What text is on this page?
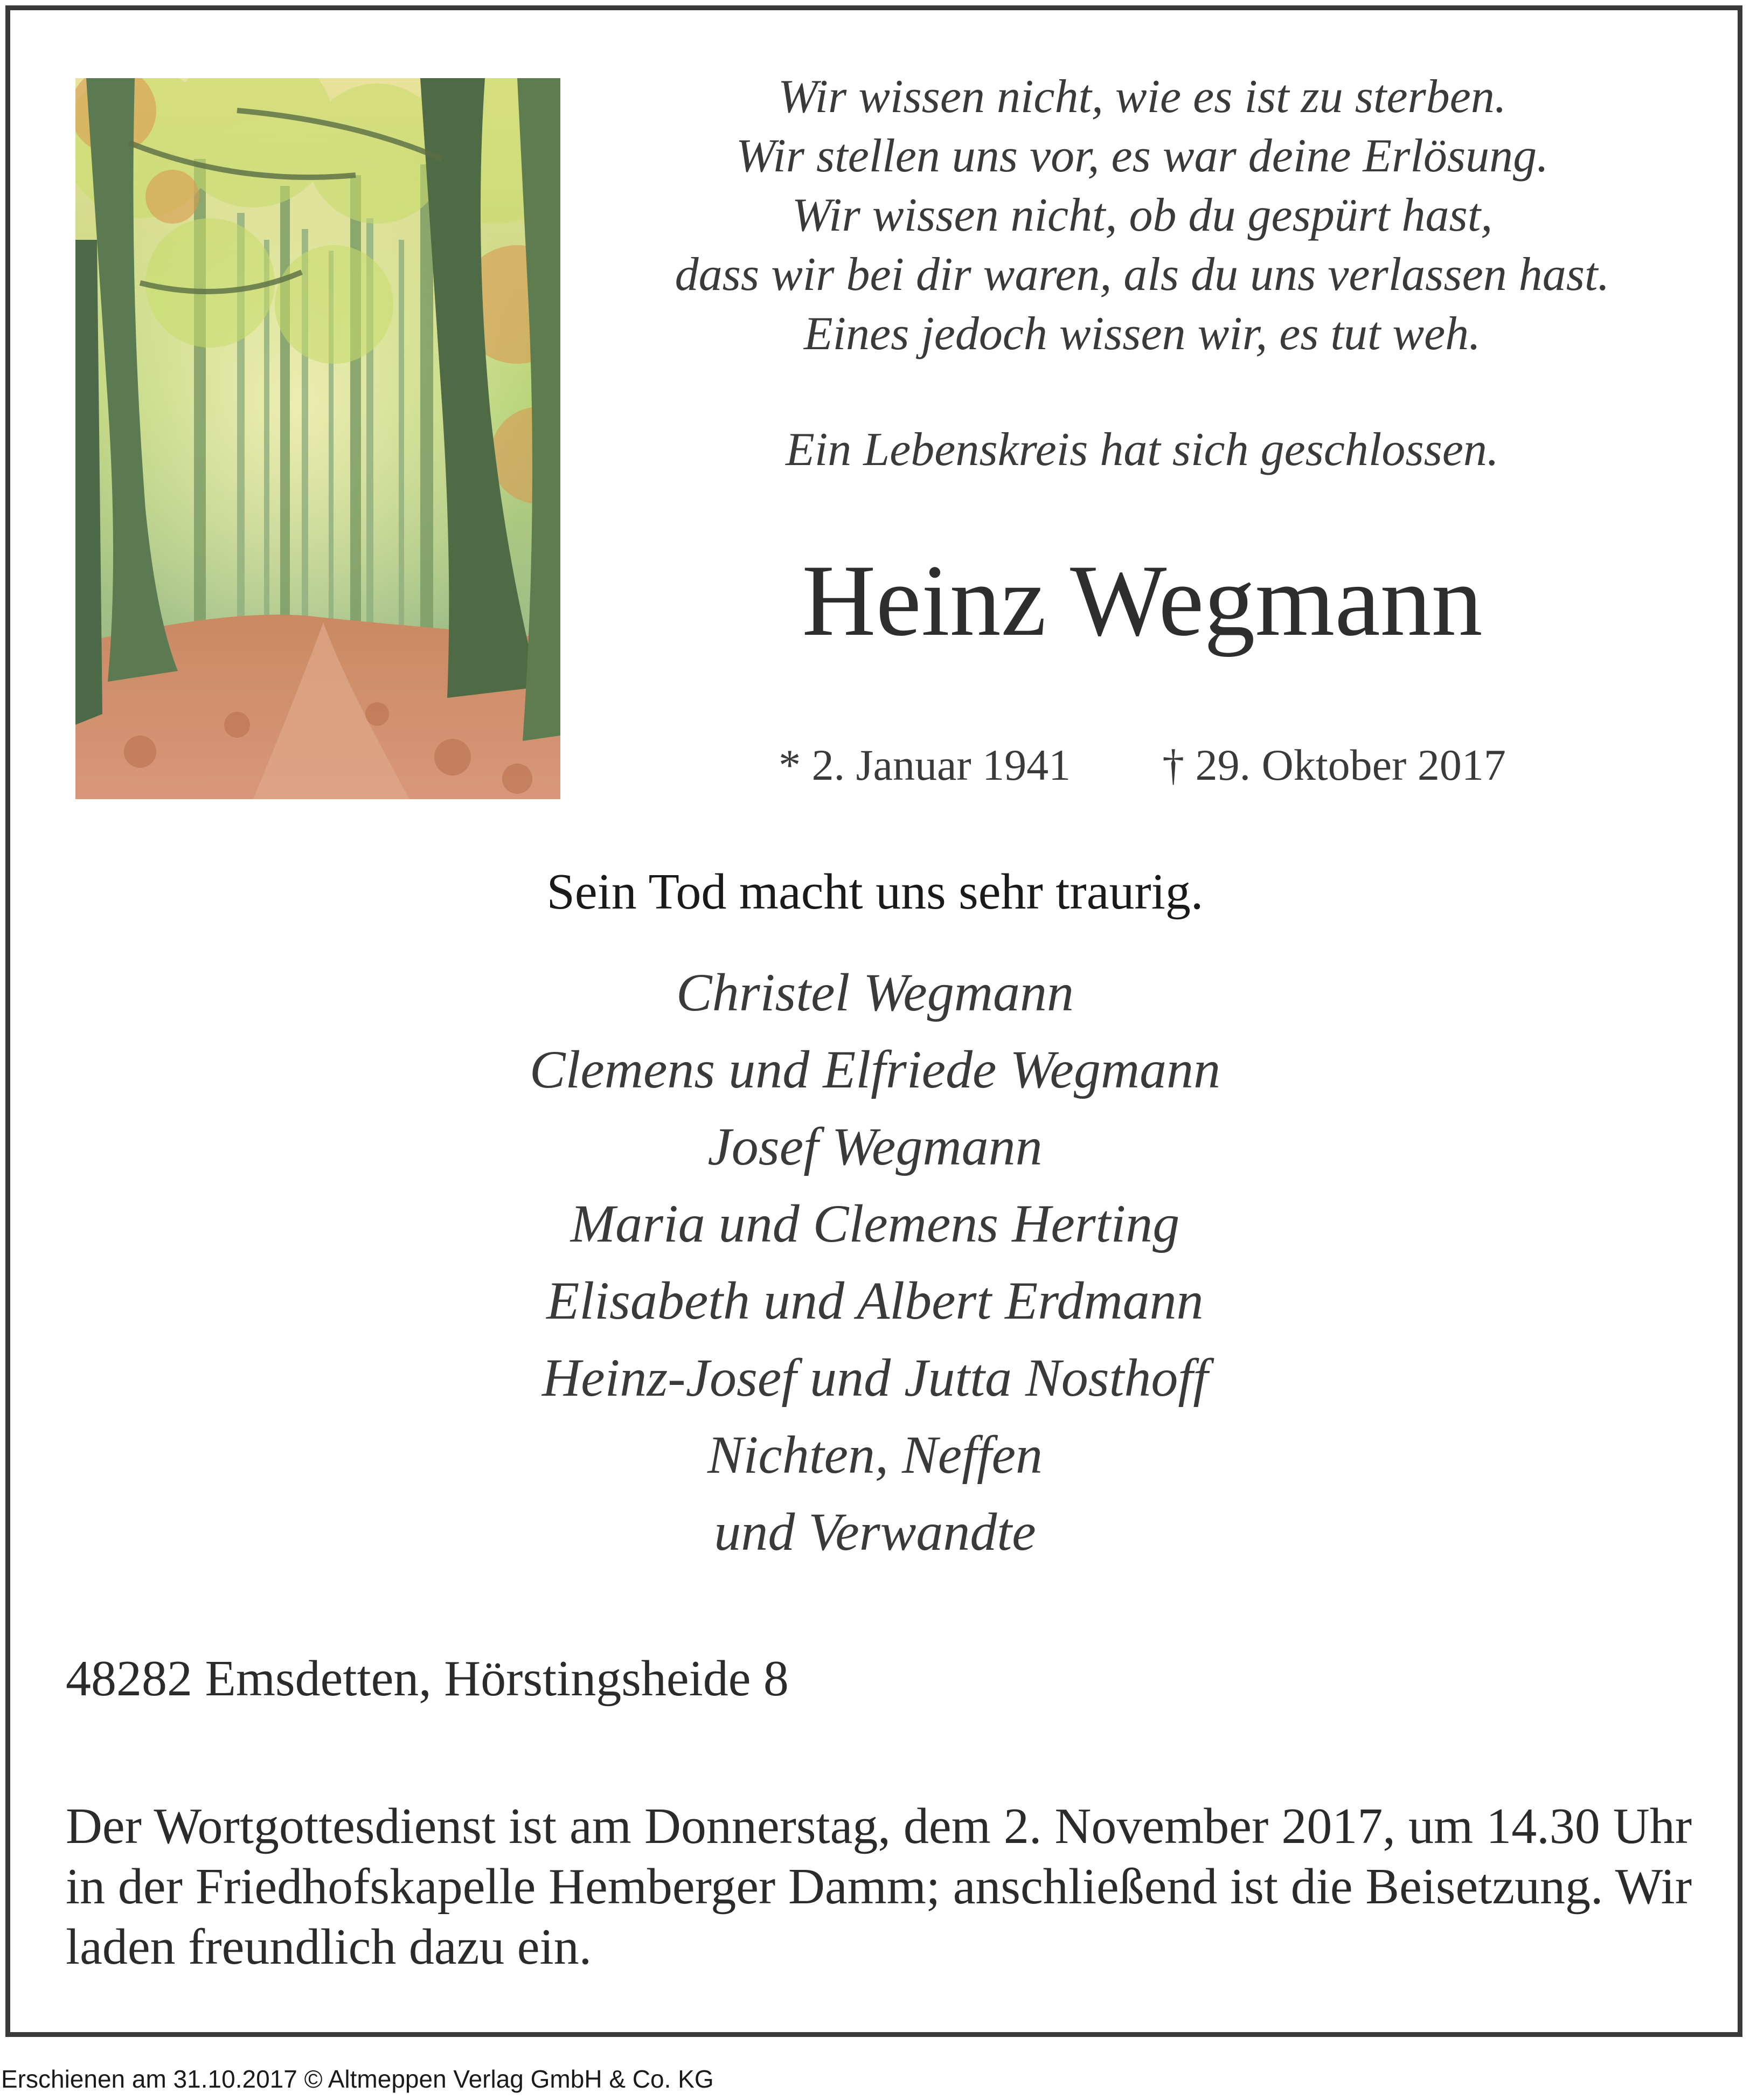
Wir wissen nicht, wie es ist zu sterben.
Wir stellen uns vor, es war deine Erlösung.
Wir wissen nicht, ob du gespürt hast,
dass wir bei dir waren, als du uns verlassen hast.
Eines jedoch wissen wir, es tut weh.
Ein Lebenskreis hat sich geschlossen.
Heinz Wegmann
* 2. Januar 1941 † 29. Oktober 2017
Sein Tod macht uns sehr traurig.
Christel Wegmann
Clemens und Elfriede Wegmann
Josef Wegmann
Maria und Clemens Herting
Elisabeth und Albert Erdmann
Heinz-Josef und Jutta Nosthoff
Nichten, Neffen
und Verwandte
48282 Emsdetten, Hörstingsheide 8
Der Wortgottesdienst ist am Donnerstag, dem 2. November 2017, um 14.30 Uhr in der Friedhofskapelle Hemberger Damm; anschließend ist die Beisetzung. Wir laden freundlich dazu ein.
Erschienen am 31.10.2017 © Altmeppen Verlag GmbH & Co. KG
